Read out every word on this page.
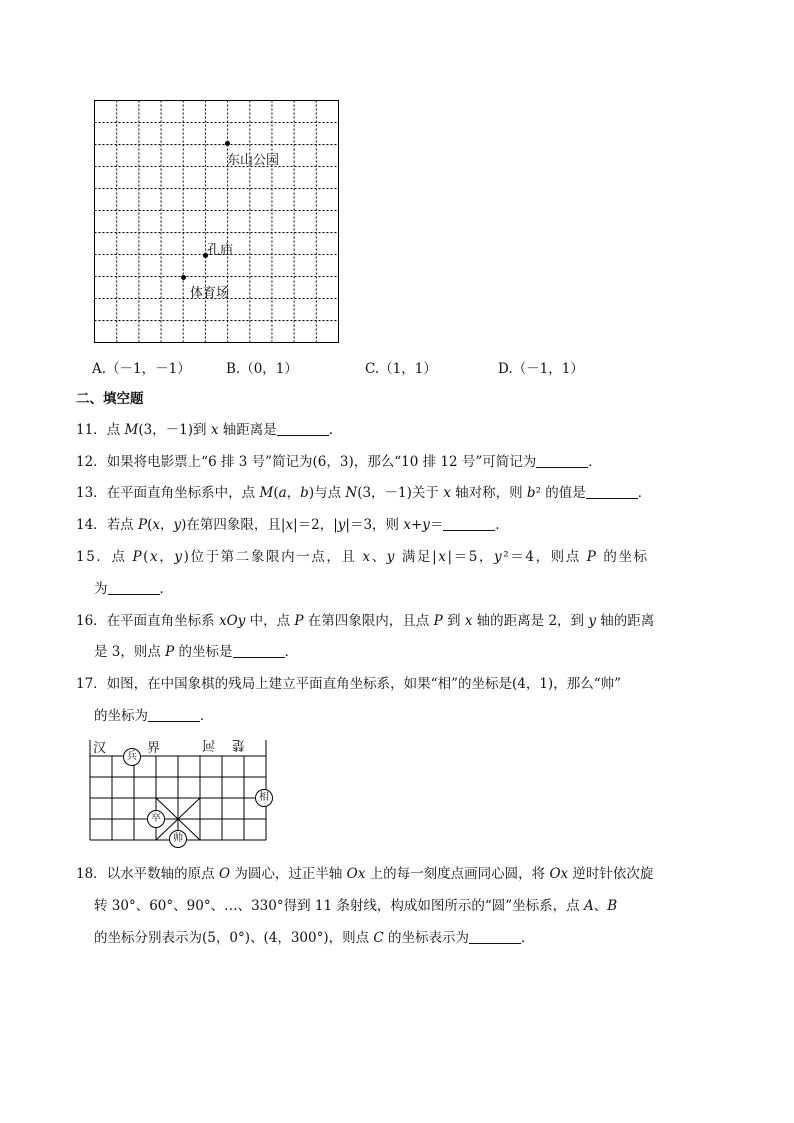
东山公园
孔庙
体育场
A.（－1，－1）	B.（0，1）	C.（1，1）	D.（－1，1）
二、填空题
11．点 M(3，－1)到 x 轴距离是	．
12．如果将电影票上“6 排 3 号”简记为(6，3)，那么“10 排 12 号”可简记为	．
13．在平面直角坐标系中，点 M(a，b)与点 N(3，－1)关于 x 轴对称，则 b² 的值是	．
14．若点 P(x，y)在第四象限，且|x|＝2，|y|＝3，则 x+y＝	．
15．点 P(x，y)位于第二象限内一点，且 x、y 满足|x|＝5，y²＝4，则点 P 的坐标
为	．
16．在平面直角坐标系 xOy 中，点 P 在第四象限内，且点 P 到 x 轴的距离是 2，到 y 轴的距离
是 3，则点 P 的坐标是	．
17．如图，在中国象棋的残局上建立平面直角坐标系，如果“相”的坐标是(4，1)，那么“帅”
的坐标为	．
汉	界	河 楚
兵
相
卒
帅
18．以水平数轴的原点 O 为圆心，过正半轴 Ox 上的每一刻度点画同心圆，将 Ox 逆时针依次旋
转 30°、60°、90°、…、330°得到 11 条射线，构成如图所示的“圆”坐标系，点 A、B
的坐标分别表示为(5，0°)、(4，300°)，则点 C 的坐标表示为	．
